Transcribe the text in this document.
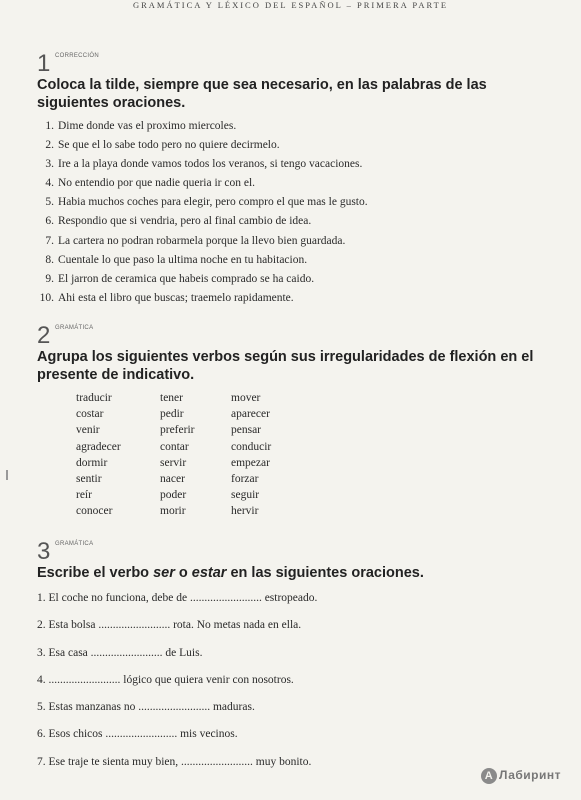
GRAMÁTICA Y LÉXICO DEL ESPAÑOL – PRIMERA PARTE
1 CORRECCIÓN

Coloca la tilde, siempre que sea necesario, en las palabras de las siguientes oraciones.

1. Dime donde vas el proximo miercoles.
2. Se que el lo sabe todo pero no quiere decirmelo.
3. Ire a la playa donde vamos todos los veranos, si tengo vacaciones.
4. No entendio por que nadie queria ir con el.
5. Habia muchos coches para elegir, pero compro el que mas le gusto.
6. Respondio que si vendria, pero al final cambio de idea.
7. La cartera no podran robarmela porque la llevo bien guardada.
8. Cuentale lo que paso la ultima noche en tu habitacion.
9. El jarron de ceramica que habeis comprado se ha caido.
10. Ahi esta el libro que buscas; traemelo rapidamente.
2 GRAMÁTICA

Agrupa los siguientes verbos según sus irregularidades de flexión en el presente de indicativo.

traducir
costar
venir
agradecer
dormir
sentir
reír
conocer
tener
pedir
preferir
contar
servir
nacer
poder
morir
mover
aparecer
pensar
conducir
empezar
forzar
seguir
hervir
3 GRAMÁTICA

Escribe el verbo ser o estar en las siguientes oraciones.

1. El coche no funciona, debe de ......................... estropeado.
2. Esta bolsa ......................... rota. No metas nada en ella.
3. Esa casa ......................... de Luis.
4. ......................... lógico que quiera venir con nosotros.
5. Estas manzanas no ......................... maduras.
6. Esos chicos ......................... mis vecinos.
7. Ese traje te sienta muy bien, ......................... muy bonito.
A Лабиринт
